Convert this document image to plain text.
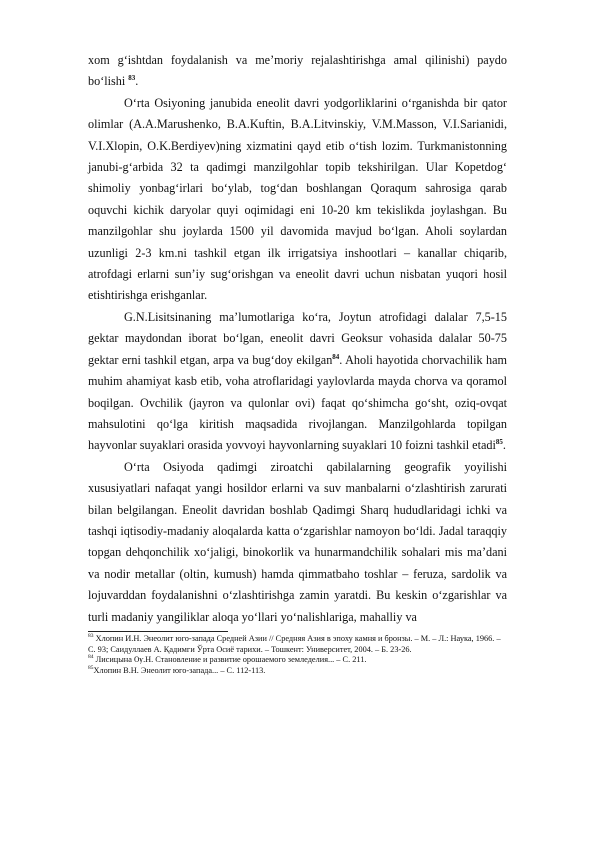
xom g‘ishtdan foydalanish va me’moriy rejalashtirishga amal qilinishi) paydo bo‘lishi $^{83}$.

O‘rta Osiyoning janubida eneolit davri yodgorliklarini o‘rganishda bir qator olimlar (A.A.Marushenko, B.A.Kuftin, B.A.Litvinskiy, V.M.Masson, V.I.Sarianidi, V.I.Xlopin, O.K.Berdiyev)ning xizmatini qayd etib o‘tish lozim. Turkmanistonning janubi-g‘arbida 32 ta qadimgi manzilgohlar topib tekshirilgan. Ular Kopetdog‘ shimoliy yonbag‘irlari bo‘ylab, tog‘dan boshlangan Qoraqum sahrosiga qarab oquvchi kichik daryolar quyi oqimidagi eni 10-20 km tekislikda joylashgan. Bu manzilgohlar shu joylarda 1500 yil davomida mavjud bo‘lgan. Aholi soylardan uzunligi 2-3 km.ni tashkil etgan ilk irrigatsiya inshootlari – kanallar chiqarib, atrofdagi erlarni sun’iy sug‘orishgan va eneolit davri uchun nisbatan yuqori hosil etishtirishga erishganlar.

G.N.Lisitsinaning ma’lumotlariga ko‘ra, Joytun atrofidagi dalalar 7,5-15 gektar maydondan iborat bo‘lgan, eneolit davri Geoksur vohasida dalalar 50-75 gektar erni tashkil etgan, arpa va bug‘doy ekilgan$^{84}$. Aholi hayotida chorvachilik ham muhim ahamiyat kasb etib, voha atroflaridagi yaylovlarda mayda chorva va qoramol boqilgan. Ovchilik (jayron va qulonlar ovi) faqat qo‘shimcha go‘sht, oziq-ovqat mahsulotini qo‘lga kiritish maqsadida rivojlangan. Manzilgohlarda topilgan hayvonlar suyaklari orasida yovvoyi hayvonlarning suyaklari 10 foizni tashkil etadi$^{85}$.

O‘rta Osiyoda qadimgi ziroatchi qabilalarning geografik yoyilishi xususiyatlari nafaqat yangi hosildor erlarni va suv manbalarni o‘zlashtirish zarurati bilan belgilangan. Eneolit davridan boshlab Qadimgi Sharq hududlaridagi ichki va tashqi iqtisodiy-madaniy aloqalarda katta o‘zgarishlar namoyon bo‘ldi. Jadal taraqqiy topgan dehqonchilik xo‘jaligi, binokorlik va hunarmandchilik sohalari mis ma’dani va nodir metallar (oltin, kumush) hamda qimmatbaho toshlar – feruza, sardolik va lojuvarddan foydalanishni o‘zlashtirishga zamin yaratdi. Bu keskin o‘zgarishlar va turli madaniy yangiliklar aloqa yo‘llari yo‘nalishlariga, mahalliy va

$^{83}$ Хлопин И.Н. Энеолит юго-запада Средней Азии // Средняя Азия в эпоху камня и бронзы. – М. – Л.: Наука, 1966. – С. 93; Саидуллаев А. Қадимги Ўрта Осиё тарихи. – Тошкент: Университет, 2004. – Б. 23-26.

$^{84}$ Лисицына Ѹ.Н. Становление и развитие орошаемого земледелия... – С. 211.

$^{85}$Хлопин В.Н. Энеолит юго-запада... – С. 112-113.
